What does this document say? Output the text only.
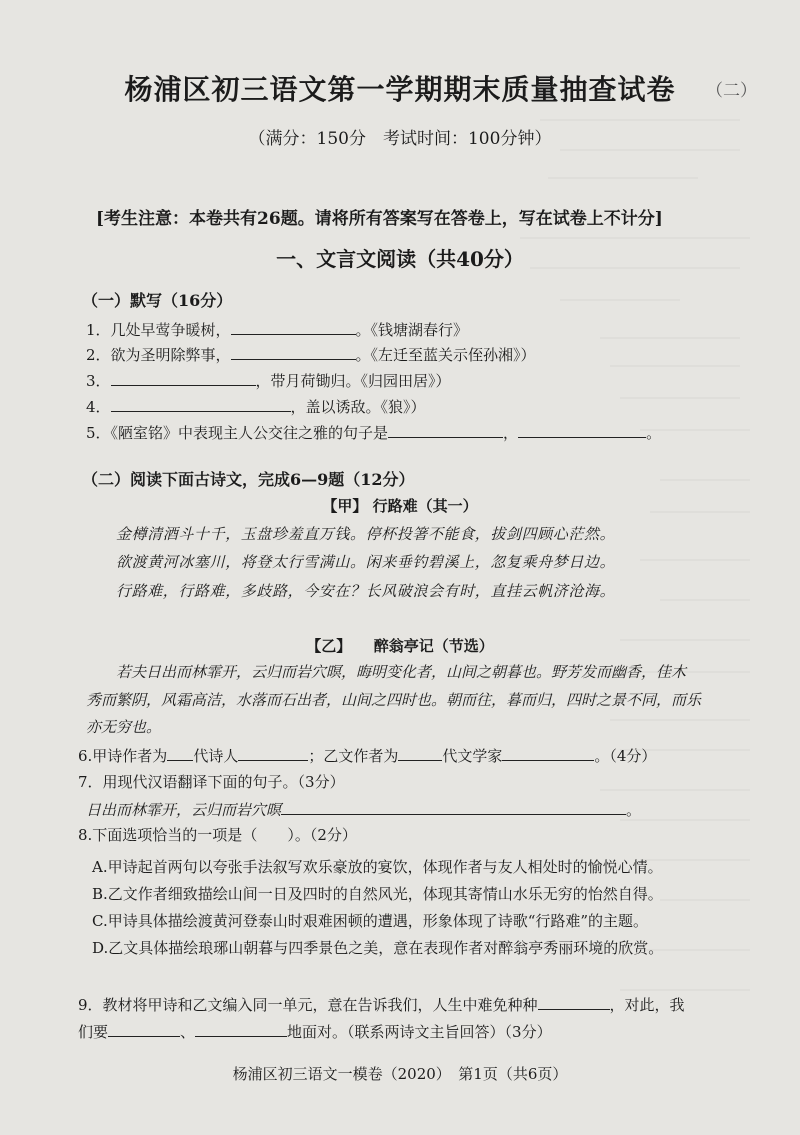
杨浦区初三语文第一学期期末质量抽查试卷	（二）
（满分：150分　考试时间：100分钟）
[考生注意：本卷共有26题。请将所有答案写在答卷上，写在试卷上不计分]
一、文言文阅读（共40分）
（一）默写（16分）
1．几处早莺争暖树，	。《钱塘湖春行》
2．欲为圣明除弊事，	。《左迁至蓝关示侄孙湘》）
3．	，带月荷锄归。《归园田居》）
4．	，盖以诱敌。《狼》）
5．《陋室铭》中表现主人公交往之雅的句子是	，	。
（二）阅读下面古诗文，完成6—9题（12分）
【甲】 行路难（其一）
金樽清酒斗十千，玉盘珍羞直万钱。停杯投箸不能食，拔剑四顾心茫然。
欲渡黄河冰塞川，将登太行雪满山。闲来垂钓碧溪上，忽复乘舟梦日边。
行路难，行路难，多歧路，今安在？长风破浪会有时，直挂云帆济沧海。
【乙】　　醉翁亭记（节选）
若夫日出而林霏开，云归而岩穴暝，晦明变化者，山间之朝暮也。野芳发而幽香，佳木
秀而繁阴，风霜高洁，水落而石出者，山间之四时也。朝而往，暮而归，四时之景不同，而乐
亦无穷也。
6.甲诗作者为 代诗人	；乙文作者为	代文学家	。（4分）
7．用现代汉语翻译下面的句子。（3分）
日出而林霏开，云归而岩穴暝	。
8.下面选项恰当的一项是（　　）。（2分）
A.甲诗起首两句以夸张手法叙写欢乐豪放的宴饮，体现作者与友人相处时的愉悦心情。
B.乙文作者细致描绘山间一日及四时的自然风光，体现其寄情山水乐无穷的怡然自得。
C.甲诗具体描绘渡黄河登泰山时艰难困顿的遭遇，形象体现了诗歌“行路难”的主题。
D.乙文具体描绘琅琊山朝暮与四季景色之美，意在表现作者对醉翁亭秀丽环境的欣赏。
9．教材将甲诗和乙文编入同一单元，意在告诉我们，人生中难免种种	，对此，我
们要	、	地面对。（联系两诗文主旨回答）（3分）
杨浦区初三语文一模卷（2020）　第1页（共6页）
